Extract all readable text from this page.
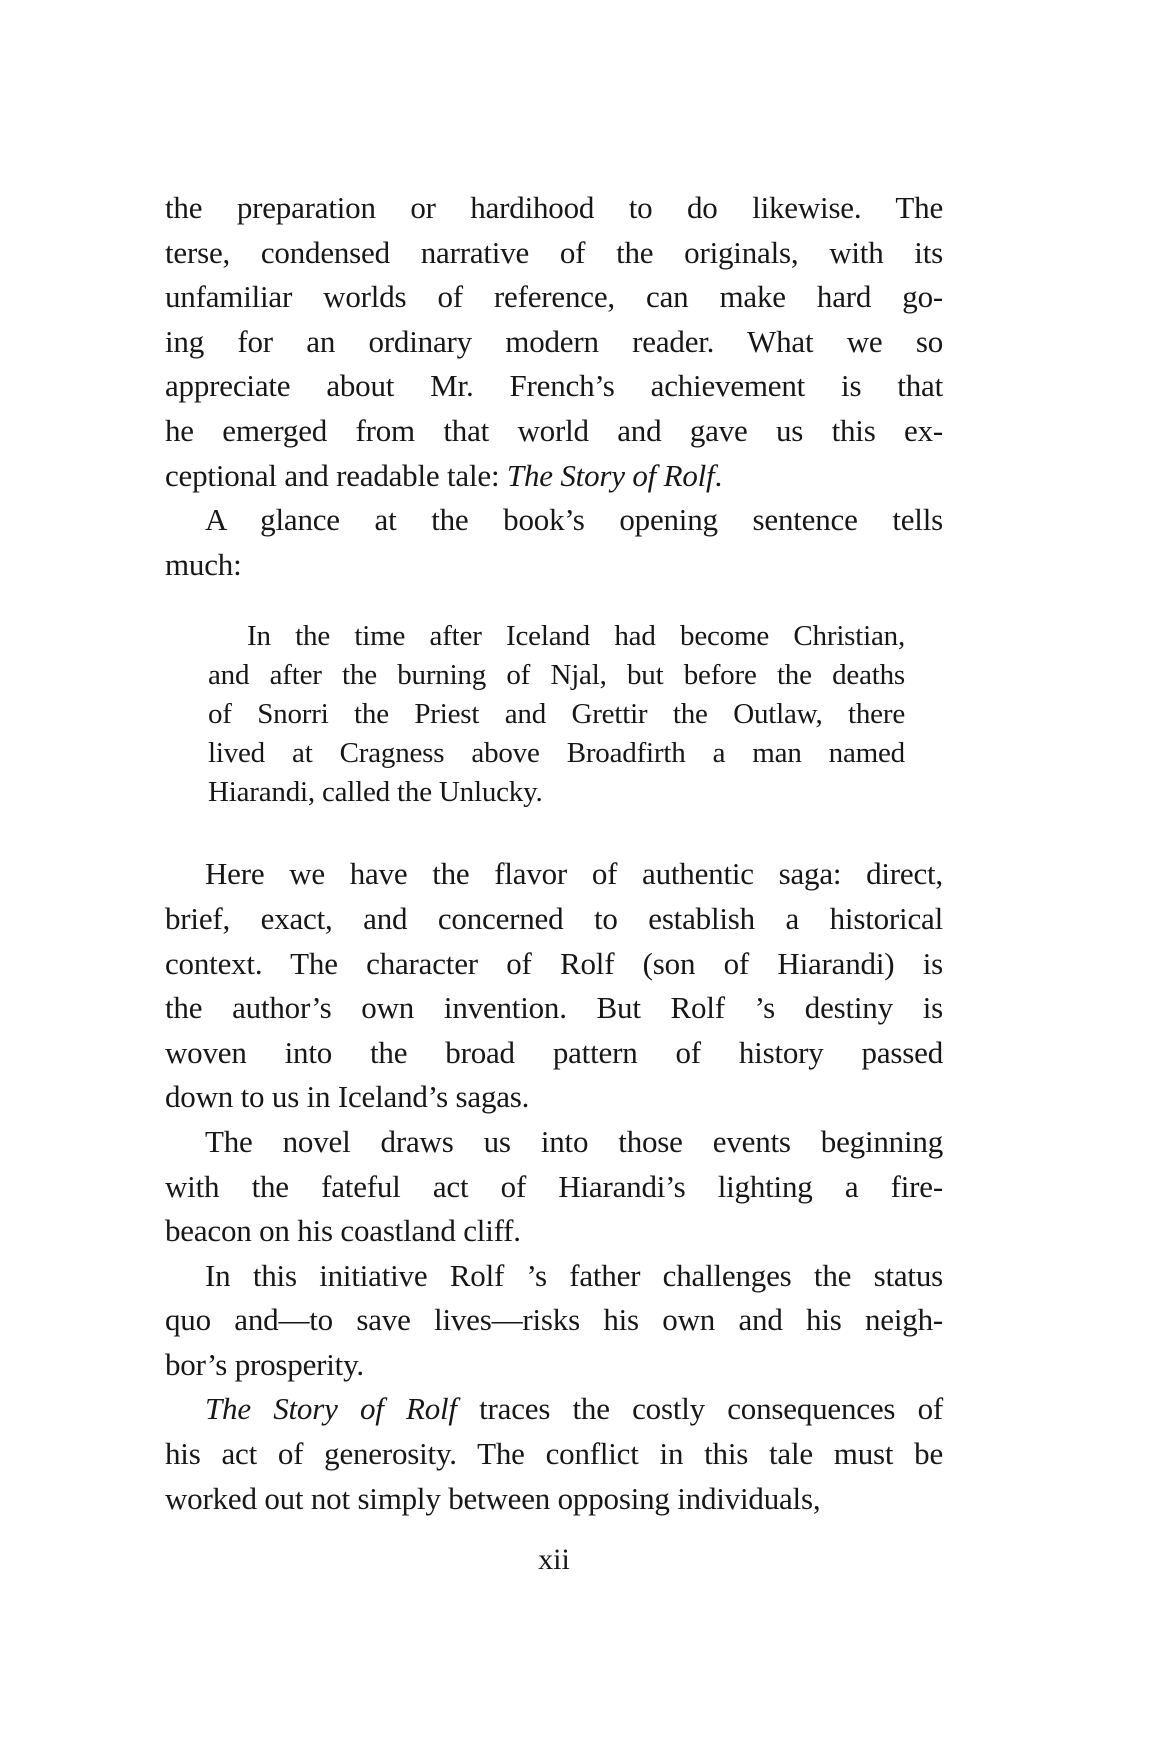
the preparation or hardihood to do likewise. The
terse, condensed narrative of the originals, with its
unfamiliar worlds of reference, can make hard go-
ing for an ordinary modern reader. What we so
appreciate about Mr. French’s achievement is that
he emerged from that world and gave us this ex-
ceptional and readable tale: The Story of Rolf.
A glance at the book’s opening sentence tells
much:
In the time after Iceland had become Christian,
and after the burning of Njal, but before the deaths
of Snorri the Priest and Grettir the Outlaw, there
lived at Cragness above Broadfirth a man named
Hiarandi, called the Unlucky.
Here we have the flavor of authentic saga: direct,
brief, exact, and concerned to establish a historical
context. The character of Rolf (son of Hiarandi) is
the author’s own invention. But Rolf ’s destiny is
woven into the broad pattern of history passed
down to us in Iceland’s sagas.
The novel draws us into those events beginning
with the fateful act of Hiarandi’s lighting a fire-
beacon on his coastland cliff.
In this initiative Rolf ’s father challenges the status
quo and—to save lives—risks his own and his neigh-
bor’s prosperity.
The Story of Rolf traces the costly consequences of
his act of generosity. The conflict in this tale must be
worked out not simply between opposing individuals,
xii
